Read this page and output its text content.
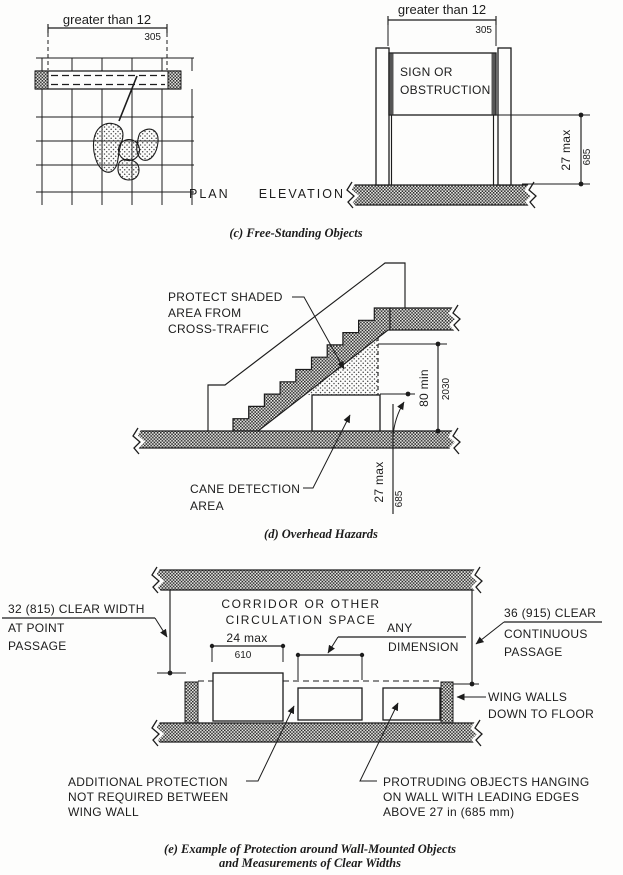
greater than 12
305
PLAN
greater than 12
305
SIGN OR
OBSTRUCTION
27 max 685
ELEVATION
(c) Free-Standing Objects
PROTECT SHADED
AREA FROM
CROSS-TRAFFIC
CANE DETECTION
AREA
80 min 2030
27 max 685
(d) Overhead Hazards
CORRIDOR OR OTHER
CIRCULATION SPACE
32 (815) CLEAR WIDTH
AT POINT
PASSAGE
36 (915) CLEAR
CONTINUOUS
PASSAGE
24 max
610
ANY
DIMENSION
WING WALLS
DOWN TO FLOOR
ADDITIONAL PROTECTION
NOT REQUIRED BETWEEN
WING WALL
PROTRUDING OBJECTS HANGING
ON WALL WITH LEADING EDGES
ABOVE 27 in (685 mm)
(e) Example of Protection around Wall-Mounted Objects
and Measurements of Clear Widths
